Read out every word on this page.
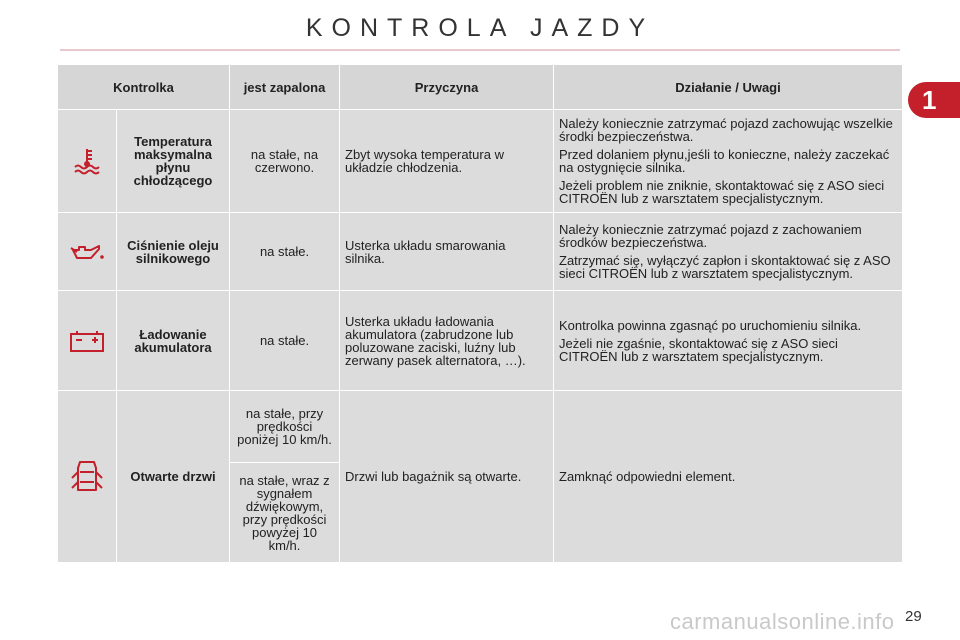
KONTROLA JAZDY
1
Kontrolka		jest zapalona	Przyczyna	Działanie / Uwagi

	Temperatura maksymalna płynu chłodzącego	na stałe, na czerwono.	Zbyt wysoka temperatura w układzie chłodzenia.	Należy koniecznie zatrzymać pojazd zachowując wszelkie środki bezpieczeństwa.

Przed dolaniem płynu,jeśli to konieczne, należy zaczekać na ostygnięcie silnika.

Jeżeli problem nie zniknie, skontaktować się z ASO sieci CITROËN lub z warsztatem specjalistycznym.

	Ciśnienie oleju silnikowego	na stałe.	Usterka układu smarowania silnika.	Należy koniecznie zatrzymać pojazd z zachowaniem środków bezpieczeństwa.

Zatrzymać się, wyłączyć zapłon i skontaktować się z ASO sieci CITROËN lub z warsztatem specjalistycznym.

	Ładowanie akumulatora	na stałe.	Usterka układu ładowania akumulatora (zabrudzone lub poluzowane zaciski, luźny lub zerwany pasek alternatora, …).	Kontrolka powinna zgasnąć po uruchomieniu silnika.

Jeżeli nie zgaśnie, skontaktować się z ASO sieci CITROËN lub z warsztatem specjalistycznym.

	Otwarte drzwi	na stałe, przy prędkości poniżej 10 km/h.	Drzwi lub bagażnik są otwarte.	Zamknąć odpowiedni element.

		na stałe, wraz z sygnałem dźwiękowym, przy prędkości powyżej 10 km/h.		
carmanualsonline.info 29
